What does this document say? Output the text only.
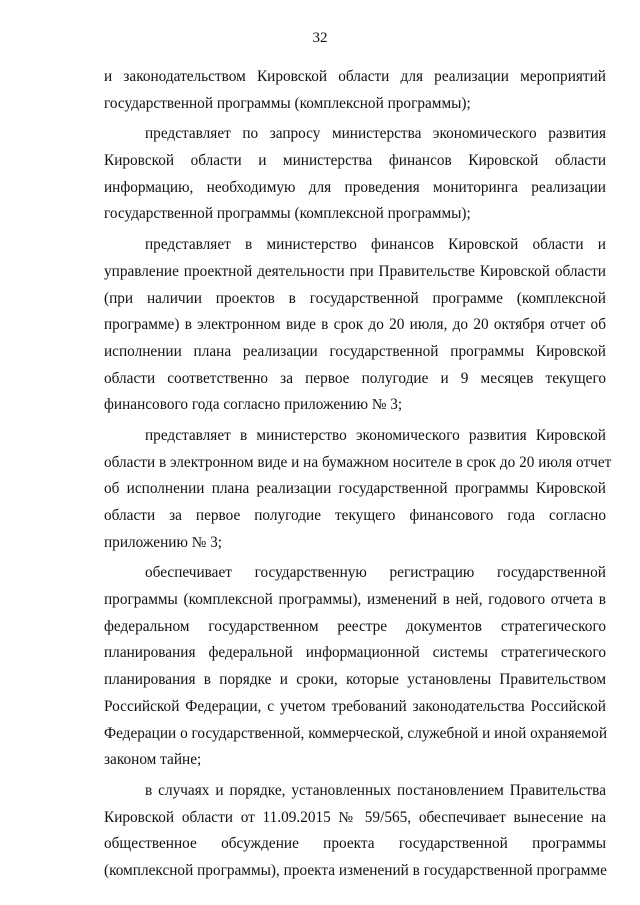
32
и законодательством Кировской области для реализации мероприятий
государственной программы (комплексной программы);
представляет по запросу министерства экономического развития
Кировской области и министерства финансов Кировской области
информацию, необходимую для проведения мониторинга реализации
государственной программы (комплексной программы);
представляет в министерство финансов Кировской области и
управление проектной деятельности при Правительстве Кировской области
(при наличии проектов в государственной программе (комплексной
программе) в электронном виде в срок до 20 июля, до 20 октября отчет об
исполнении плана реализации государственной программы Кировской
области соответственно за первое полугодие и 9 месяцев текущего
финансового года согласно приложению № 3;
представляет в министерство экономического развития Кировской
области в электронном виде и на бумажном носителе в срок до 20 июля отчет
об исполнении плана реализации государственной программы Кировской
области за первое полугодие текущего финансового года согласно
приложению № 3;
обеспечивает государственную регистрацию государственной
программы (комплексной программы), изменений в ней, годового отчета в
федеральном государственном реестре документов стратегического
планирования федеральной информационной системы стратегического
планирования в порядке и сроки, которые установлены Правительством
Российской Федерации, с учетом требований законодательства Российской
Федерации о государственной, коммерческой, служебной и иной охраняемой
законом тайне;
в случаях и порядке, установленных постановлением Правительства
Кировской области от 11.09.2015 № 59/565, обеспечивает вынесение на
общественное обсуждение проекта государственной программы
(комплексной программы), проекта изменений в государственной программе
